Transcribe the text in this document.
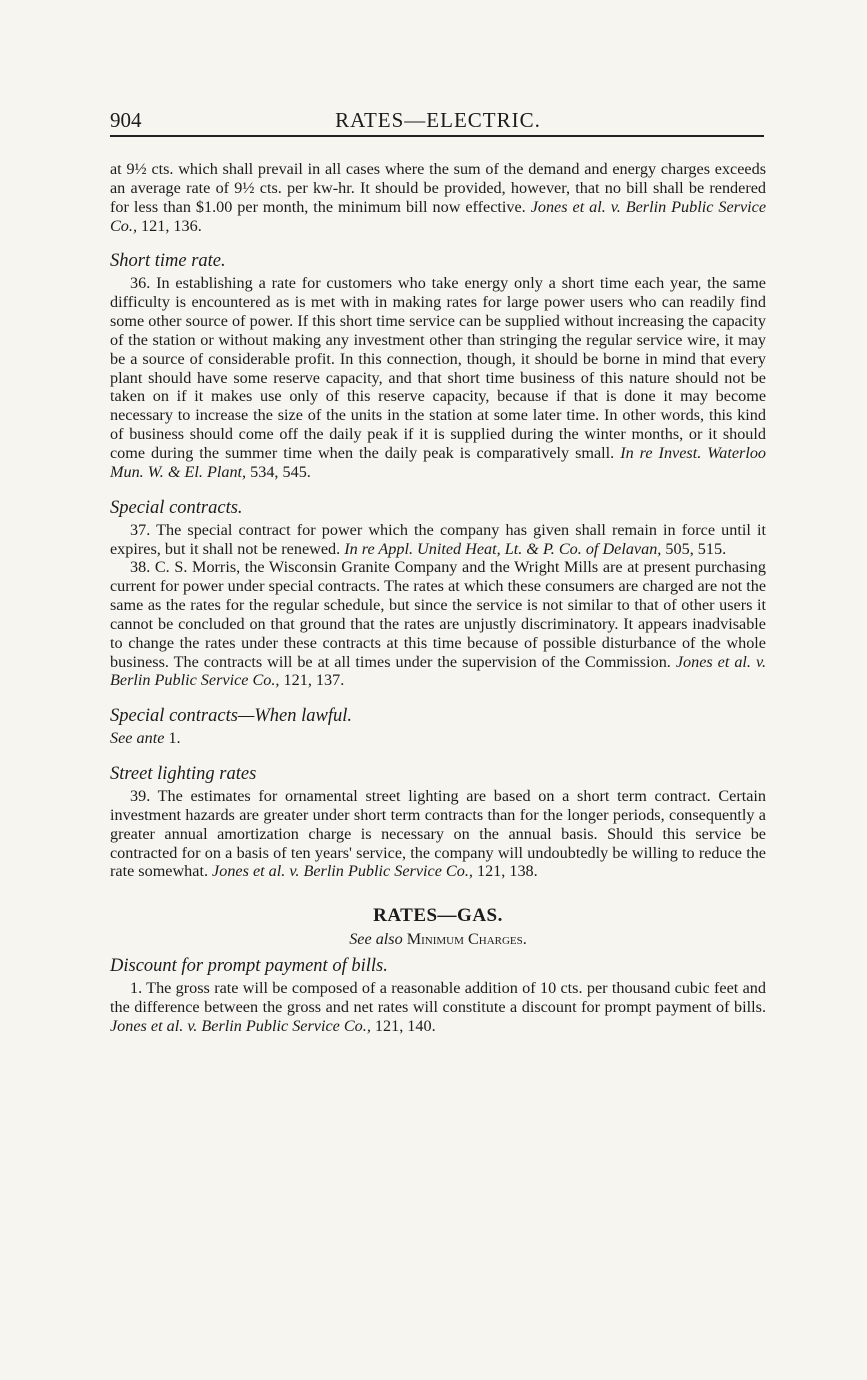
904	RATES—ELECTRIC.

at 9½ cts. which shall prevail in all cases where the sum of the demand and energy charges exceeds an average rate of 9½ cts. per kw-hr. It should be provided, however, that no bill shall be rendered for less than $1.00 per month, the minimum bill now effective. Jones et al. v. Berlin Public Service Co., 121, 136.

Short time rate.

36. In establishing a rate for customers who take energy only a short time each year, the same difficulty is encountered as is met with in making rates for large power users who can readily find some other source of power. If this short time service can be supplied without increasing the capacity of the station or without making any investment other than stringing the regular service wire, it may be a source of considerable profit. In this connection, though, it should be borne in mind that every plant should have some reserve capacity, and that short time business of this nature should not be taken on if it makes use only of this reserve capacity, because if that is done it may become necessary to increase the size of the units in the station at some later time. In other words, this kind of business should come off the daily peak if it is supplied during the winter months, or it should come during the summer time when the daily peak is comparatively small. In re Invest. Waterloo Mun. W. & El. Plant, 534, 545.

Special contracts.

37. The special contract for power which the company has given shall remain in force until it expires, but it shall not be renewed. In re Appl. United Heat, Lt. & P. Co. of Delavan, 505, 515.

38. C. S. Morris, the Wisconsin Granite Company and the Wright Mills are at present purchasing current for power under special contracts. The rates at which these consumers are charged are not the same as the rates for the regular schedule, but since the service is not similar to that of other users it cannot be concluded on that ground that the rates are unjustly discriminatory. It appears inadvisable to change the rates under these contracts at this time because of possible disturbance of the whole business. The contracts will be at all times under the supervision of the Commission. Jones et al. v. Berlin Public Service Co., 121, 137.

Special contracts—When lawful.

See ante 1.

Street lighting rates

39. The estimates for ornamental street lighting are based on a short term contract. Certain investment hazards are greater under short term contracts than for the longer periods, consequently a greater annual amortization charge is necessary on the annual basis. Should this service be contracted for on a basis of ten years' service, the company will undoubtedly be willing to reduce the rate somewhat. Jones et al. v. Berlin Public Service Co., 121, 138.

RATES—GAS.
See also Minimum Charges.
Discount for prompt payment of bills.

1. The gross rate will be composed of a reasonable addition of 10 cts. per thousand cubic feet and the difference between the gross and net rates will constitute a discount for prompt payment of bills. Jones et al. v. Berlin Public Service Co., 121, 140.
